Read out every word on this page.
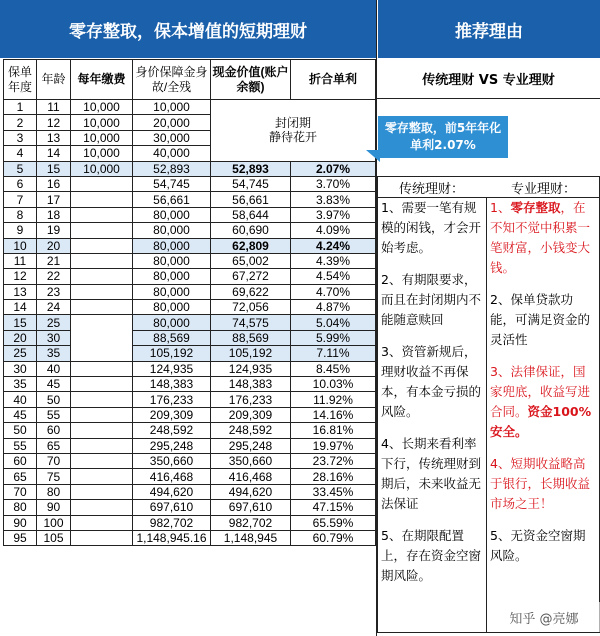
零存整取，保本增值的短期理财	推荐理由
保单年度	年龄	每年缴费	身价保障金身故/全残	现金价值(账户余额)	折合单利
1	11	10,000	10,000	封闭期
静待花开	

2	12	10,000	20,000		
3	13	10,000	30,000		
4	14	10,000	40,000		
5	15	10,000	52,893	52,893	2.07%
6	16		54,745	54,745	3.70%
7	17		56,661	56,661	3.83%
8	18		80,000	58,644	3.97%
9	19		80,000	60,690	4.09%
10	20		80,000	62,809	4.24%
11	21		80,000	65,002	4.39%
12	22		80,000	67,272	4.54%
13	23		80,000	69,622	4.70%
14	24		80,000	72,056	4.87%
15	25		80,000	74,575	5.04%
20	30		88,569	88,569	5.99%
25	35		105,192	105,192	7.11%
30	40		124,935	124,935	8.45%
35	45		148,383	148,383	10.03%
40	50		176,233	176,233	11.92%
45	55		209,309	209,309	14.16%
50	60		248,592	248,592	16.81%
55	65		295,248	295,248	19.97%
60	70		350,660	350,660	23.72%
65	75		416,468	416,468	28.16%
70	80		494,620	494,620	33.45%
80	90		697,610	697,610	47.15%
90	100		982,702	982,702	65.59%
95	105		1,148,945.16	1,148,945	60.79%
传统理财 VS 专业理财
零存整取，前5年年化单利2.07%
传统理财：	专业理财：
1、需要一笔有规模的闲钱，才会开始考虑。
2、有期限要求，而且在封闭期内不能随意赎回
3、资管新规后，理财收益不再保本，有本金亏损的风险。
4、长期来看利率下行，传统理财到期后，未来收益无法保证
5、在期限配置上，存在资金空窗期风险。
1、零存整取，在不知不觉中积累一笔财富，小钱变大钱。
2、保单贷款功能，可满足资金的灵活性
3、法律保证，国家兜底，收益写进合同。资金100%安全。
4、短期收益略高于银行，长期收益市场之王！
5、无资金空窗期风险。
知乎 @亮娜
